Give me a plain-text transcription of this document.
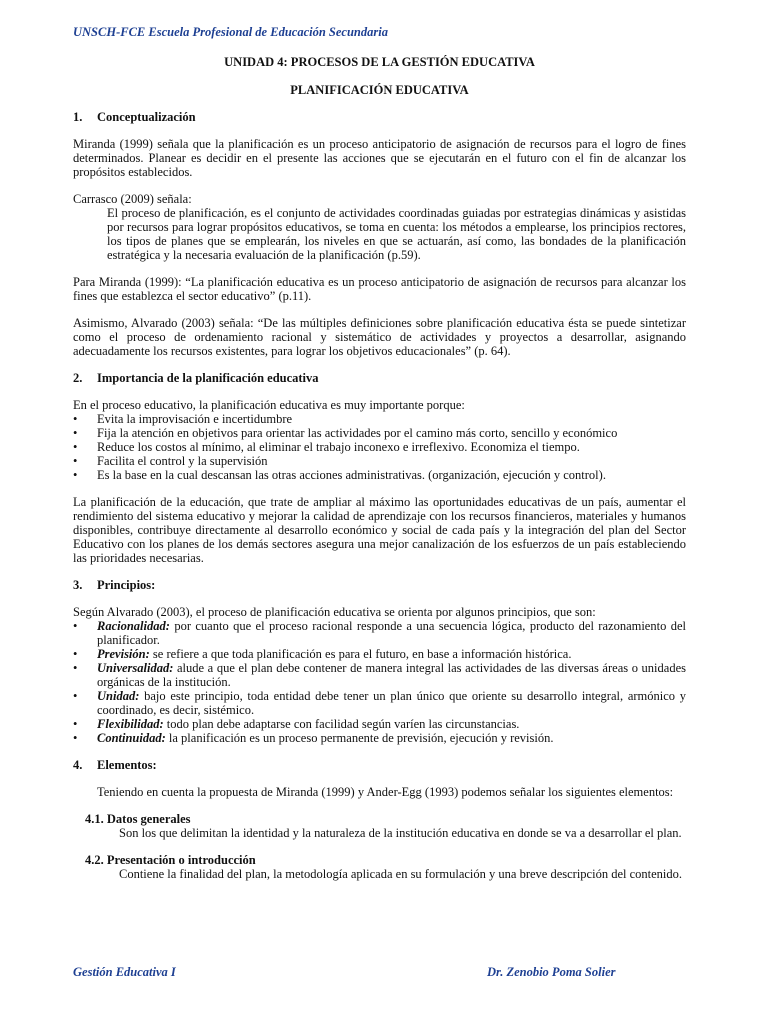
UNSCH-FCE Escuela Profesional de Educación Secundaria
UNIDAD 4: PROCESOS DE LA GESTIÓN EDUCATIVA
PLANIFICACIÓN EDUCATIVA
1. Conceptualización

Miranda (1999) señala que la planificación es un proceso anticipatorio de asignación de recursos para el logro de fines determinados. Planear es decidir en el presente las acciones que se ejecutarán en el futuro con el fin de alcanzar los propósitos establecidos.

Carrasco (2009) señala:

El proceso de planificación, es el conjunto de actividades coordinadas guiadas por estrategias dinámicas y asistidas por recursos para lograr propósitos educativos, se toma en cuenta: los métodos a emplearse, los principios rectores, los tipos de planes que se emplearán, los niveles en que se actuarán, así como, las bondades de la planificación estratégica y la necesaria evaluación de la planificación (p.59).

Para Miranda (1999): “La planificación educativa es un proceso anticipatorio de asignación de recursos para alcanzar los fines que establezca el sector educativo” (p.11).

Asimismo, Alvarado (2003) señala: “De las múltiples definiciones sobre planificación educativa ésta se puede sintetizar como el proceso de ordenamiento racional y sistemático de actividades y proyectos a desarrollar, asignando adecuadamente los recursos existentes, para lograr los objetivos educacionales” (p. 64).

2. Importancia de la planificación educativa

En el proceso educativo, la planificación educativa es muy importante porque:

• Evita la improvisación e incertidumbre
• Fija la atención en objetivos para orientar las actividades por el camino más corto, sencillo y económico
• Reduce los costos al mínimo, al eliminar el trabajo inconexo e irreflexivo. Economiza el tiempo.
• Facilita el control y la supervisión
• Es la base en la cual descansan las otras acciones administrativas. (organización, ejecución y control).

La planificación de la educación, que trate de ampliar al máximo las oportunidades educativas de un país, aumentar el rendimiento del sistema educativo y mejorar la calidad de aprendizaje con los recursos financieros, materiales y humanos disponibles, contribuye directamente al desarrollo económico y social de cada país y la integración del plan del Sector Educativo con los planes de los demás sectores asegura una mejor canalización de los esfuerzos de un país estableciendo las prioridades necesarias.

3. Principios:

Según Alvarado (2003), el proceso de planificación educativa se orienta por algunos principios, que son:

• Racionalidad: por cuanto que el proceso racional responde a una secuencia lógica, producto del razonamiento del planificador.
• Previsión: se refiere a que toda planificación es para el futuro, en base a información histórica.
• Universalidad: alude a que el plan debe contener de manera integral las actividades de las diversas áreas o unidades orgánicas de la institución.
• Unidad: bajo este principio, toda entidad debe tener un plan único que oriente su desarrollo integral, armónico y coordinado, es decir, sistémico.
• Flexibilidad: todo plan debe adaptarse con facilidad según varíen las circunstancias.
• Continuidad: la planificación es un proceso permanente de previsión, ejecución y revisión.
4. Elementos:

Teniendo en cuenta la propuesta de Miranda (1999) y Ander-Egg (1993) podemos señalar los siguientes elementos:

4.1. Datos generales

Son los que delimitan la identidad y la naturaleza de la institución educativa en donde se va a desarrollar el plan.

4.2. Presentación o introducción

Contiene la finalidad del plan, la metodología aplicada en su formulación y una breve descripción del contenido.

Gestión Educativa I	Dr. Zenobio Poma Solier
